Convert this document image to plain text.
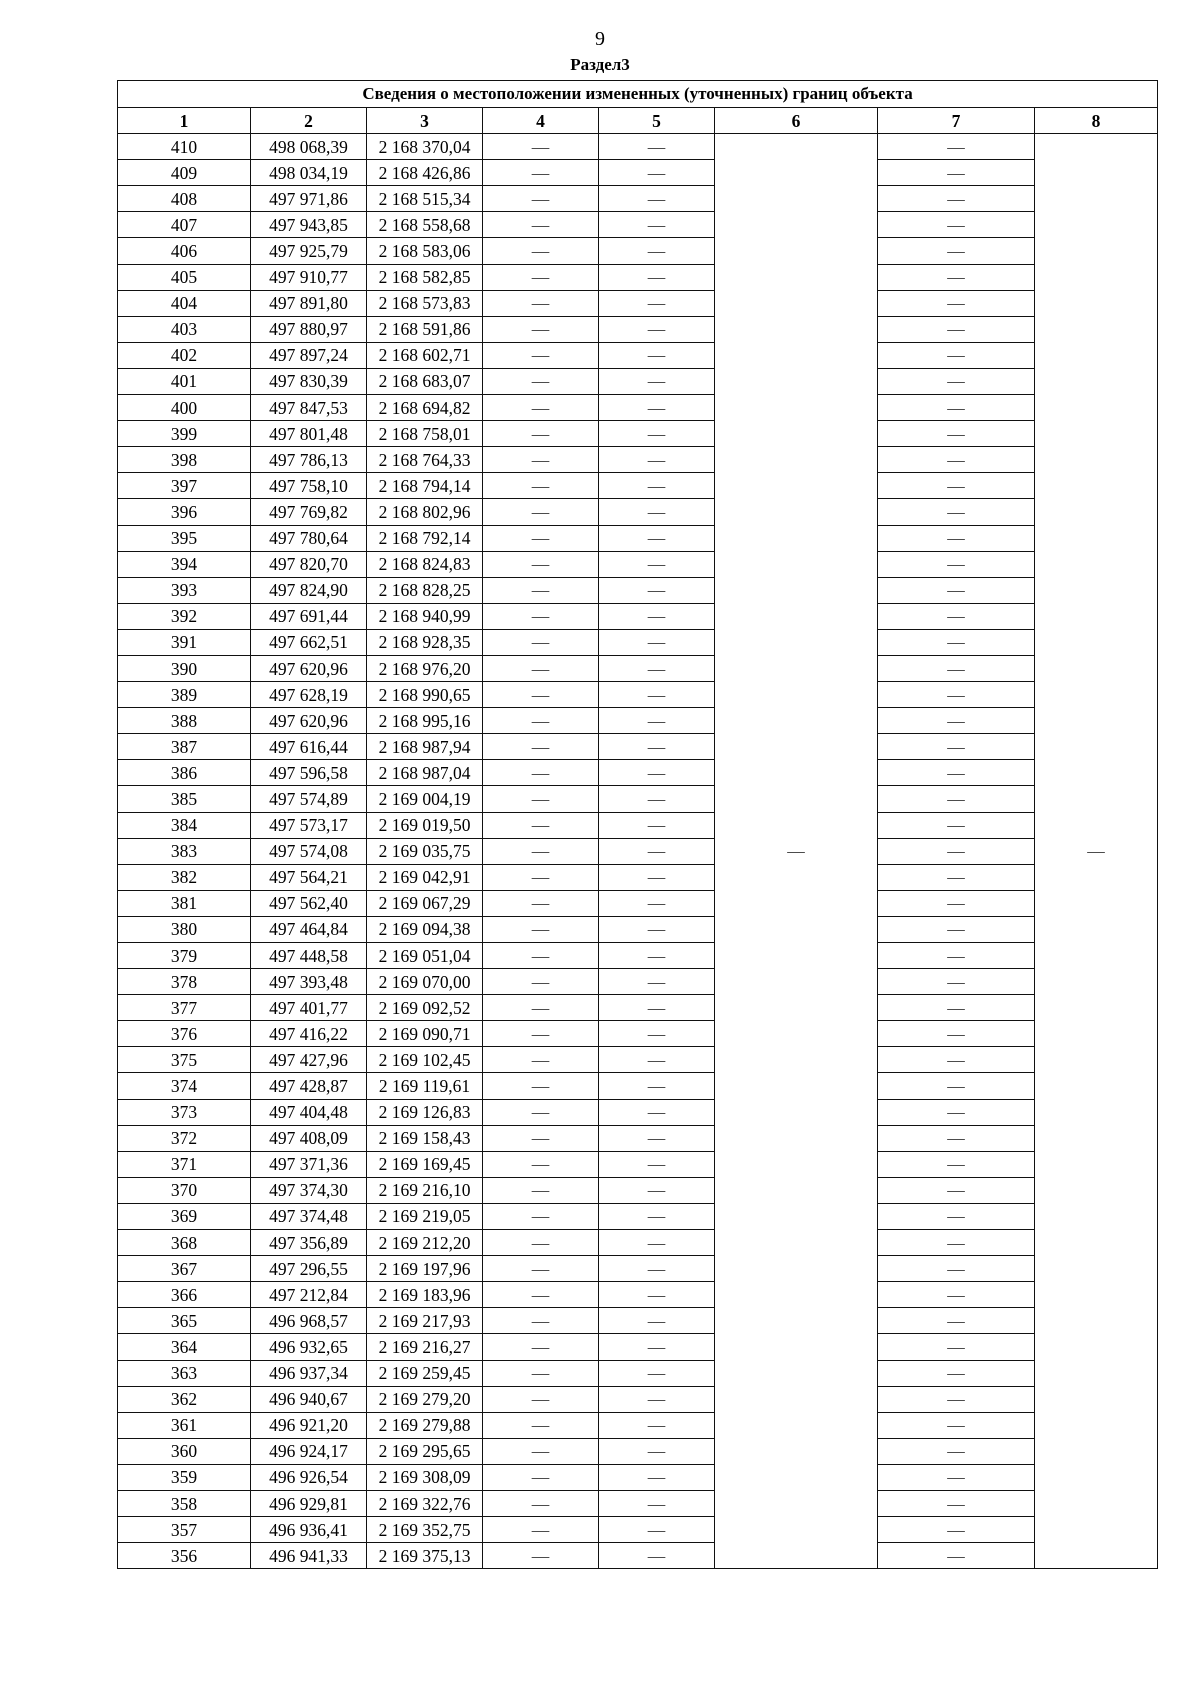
9
Раздел3
Сведения о местоположении измененных (уточненных) границ объекта							
1	2	3	4	5	6	7	8
410	498 068,39	2 168 370,04	—	—	—	—	—
409	498 034,19	2 168 426,86	—	—		—	
408	497 971,86	2 168 515,34	—	—		—	
407	497 943,85	2 168 558,68	—	—		—	
406	497 925,79	2 168 583,06	—	—		—	
405	497 910,77	2 168 582,85	—	—		—	
404	497 891,80	2 168 573,83	—	—		—	
403	497 880,97	2 168 591,86	—	—		—	
402	497 897,24	2 168 602,71	—	—		—	
401	497 830,39	2 168 683,07	—	—		—	
400	497 847,53	2 168 694,82	—	—		—	
399	497 801,48	2 168 758,01	—	—		—	
398	497 786,13	2 168 764,33	—	—		—	
397	497 758,10	2 168 794,14	—	—		—	
396	497 769,82	2 168 802,96	—	—		—	
395	497 780,64	2 168 792,14	—	—		—	
394	497 820,70	2 168 824,83	—	—		—	
393	497 824,90	2 168 828,25	—	—		—	
392	497 691,44	2 168 940,99	—	—		—	
391	497 662,51	2 168 928,35	—	—		—	
390	497 620,96	2 168 976,20	—	—		—	
389	497 628,19	2 168 990,65	—	—		—	
388	497 620,96	2 168 995,16	—	—		—	
387	497 616,44	2 168 987,94	—	—		—	
386	497 596,58	2 168 987,04	—	—		—	
385	497 574,89	2 169 004,19	—	—		—	
384	497 573,17	2 169 019,50	—	—		—	
383	497 574,08	2 169 035,75	—	—		—	
382	497 564,21	2 169 042,91	—	—		—	
381	497 562,40	2 169 067,29	—	—		—	
380	497 464,84	2 169 094,38	—	—		—	
379	497 448,58	2 169 051,04	—	—		—	
378	497 393,48	2 169 070,00	—	—		—	
377	497 401,77	2 169 092,52	—	—		—	
376	497 416,22	2 169 090,71	—	—		—	
375	497 427,96	2 169 102,45	—	—		—	
374	497 428,87	2 169 119,61	—	—		—	
373	497 404,48	2 169 126,83	—	—		—	
372	497 408,09	2 169 158,43	—	—		—	
371	497 371,36	2 169 169,45	—	—		—	
370	497 374,30	2 169 216,10	—	—		—	
369	497 374,48	2 169 219,05	—	—		—	
368	497 356,89	2 169 212,20	—	—		—	
367	497 296,55	2 169 197,96	—	—		—	
366	497 212,84	2 169 183,96	—	—		—	
365	496 968,57	2 169 217,93	—	—		—	
364	496 932,65	2 169 216,27	—	—		—	
363	496 937,34	2 169 259,45	—	—		—	
362	496 940,67	2 169 279,20	—	—		—	
361	496 921,20	2 169 279,88	—	—		—	
360	496 924,17	2 169 295,65	—	—		—	
359	496 926,54	2 169 308,09	—	—		—	
358	496 929,81	2 169 322,76	—	—		—	
357	496 936,41	2 169 352,75	—	—		—	
356	496 941,33	2 169 375,13	—	—		—	
